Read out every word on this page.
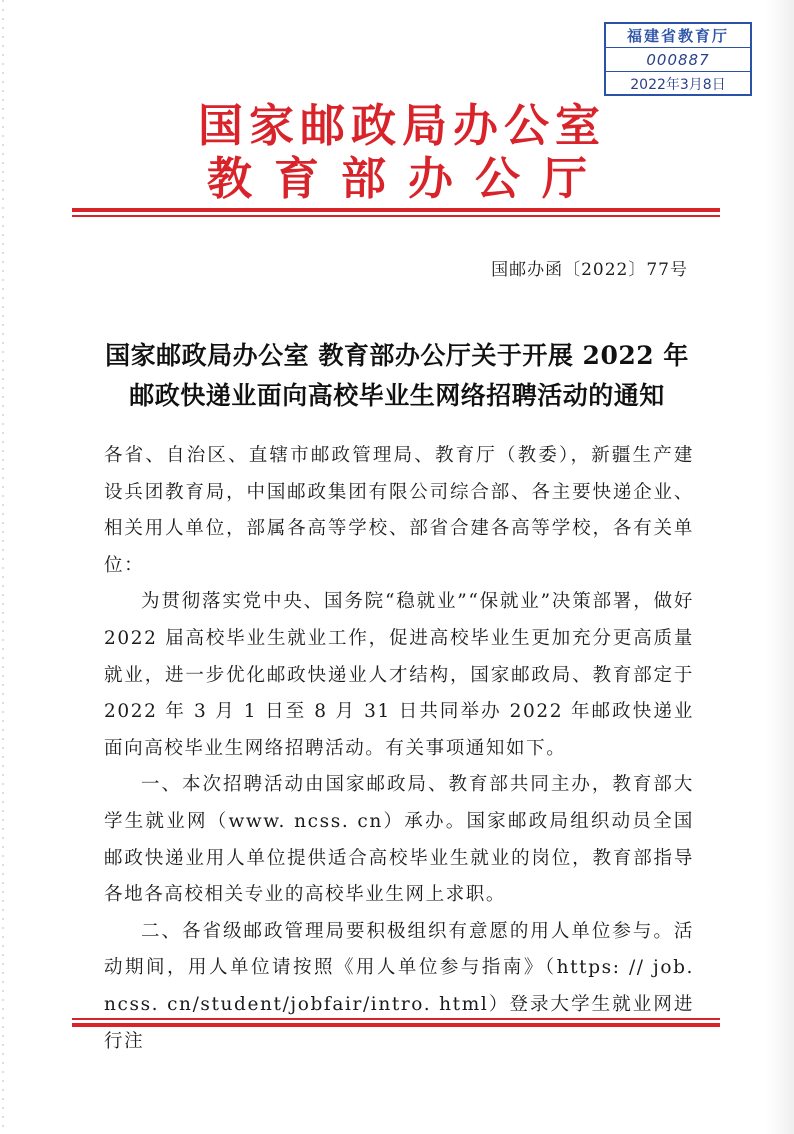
福建省教育厅
000887
2022年3月8日
国家邮政局办公室
教育部办公厅
国邮办函〔2022〕77号
国家邮政局办公室 教育部办公厅关于开展 2022 年
邮政快递业面向高校毕业生网络招聘活动的通知

各省、自治区、直辖市邮政管理局、教育厅（教委），新疆生产建设兵团教育局，中国邮政集团有限公司综合部、各主要快递企业、相关用人单位，部属各高等学校、部省合建各高等学校，各有关单位：

为贯彻落实党中央、国务院“稳就业”“保就业”决策部署，做好 2022 届高校毕业生就业工作，促进高校毕业生更加充分更高质量就业，进一步优化邮政快递业人才结构，国家邮政局、教育部定于 2022 年 3 月 1 日至 8 月 31 日共同举办 2022 年邮政快递业面向高校毕业生网络招聘活动。有关事项通知如下。

一、本次招聘活动由国家邮政局、教育部共同主办，教育部大学生就业网（www. ncss. cn）承办。国家邮政局组织动员全国邮政快递业用人单位提供适合高校毕业生就业的岗位，教育部指导各地各高校相关专业的高校毕业生网上求职。

二、各省级邮政管理局要积极组织有意愿的用人单位参与。活动期间，用人单位请按照《用人单位参与指南》（https: // job. ncss. cn/student/jobfair/intro. html）登录大学生就业网进行注
